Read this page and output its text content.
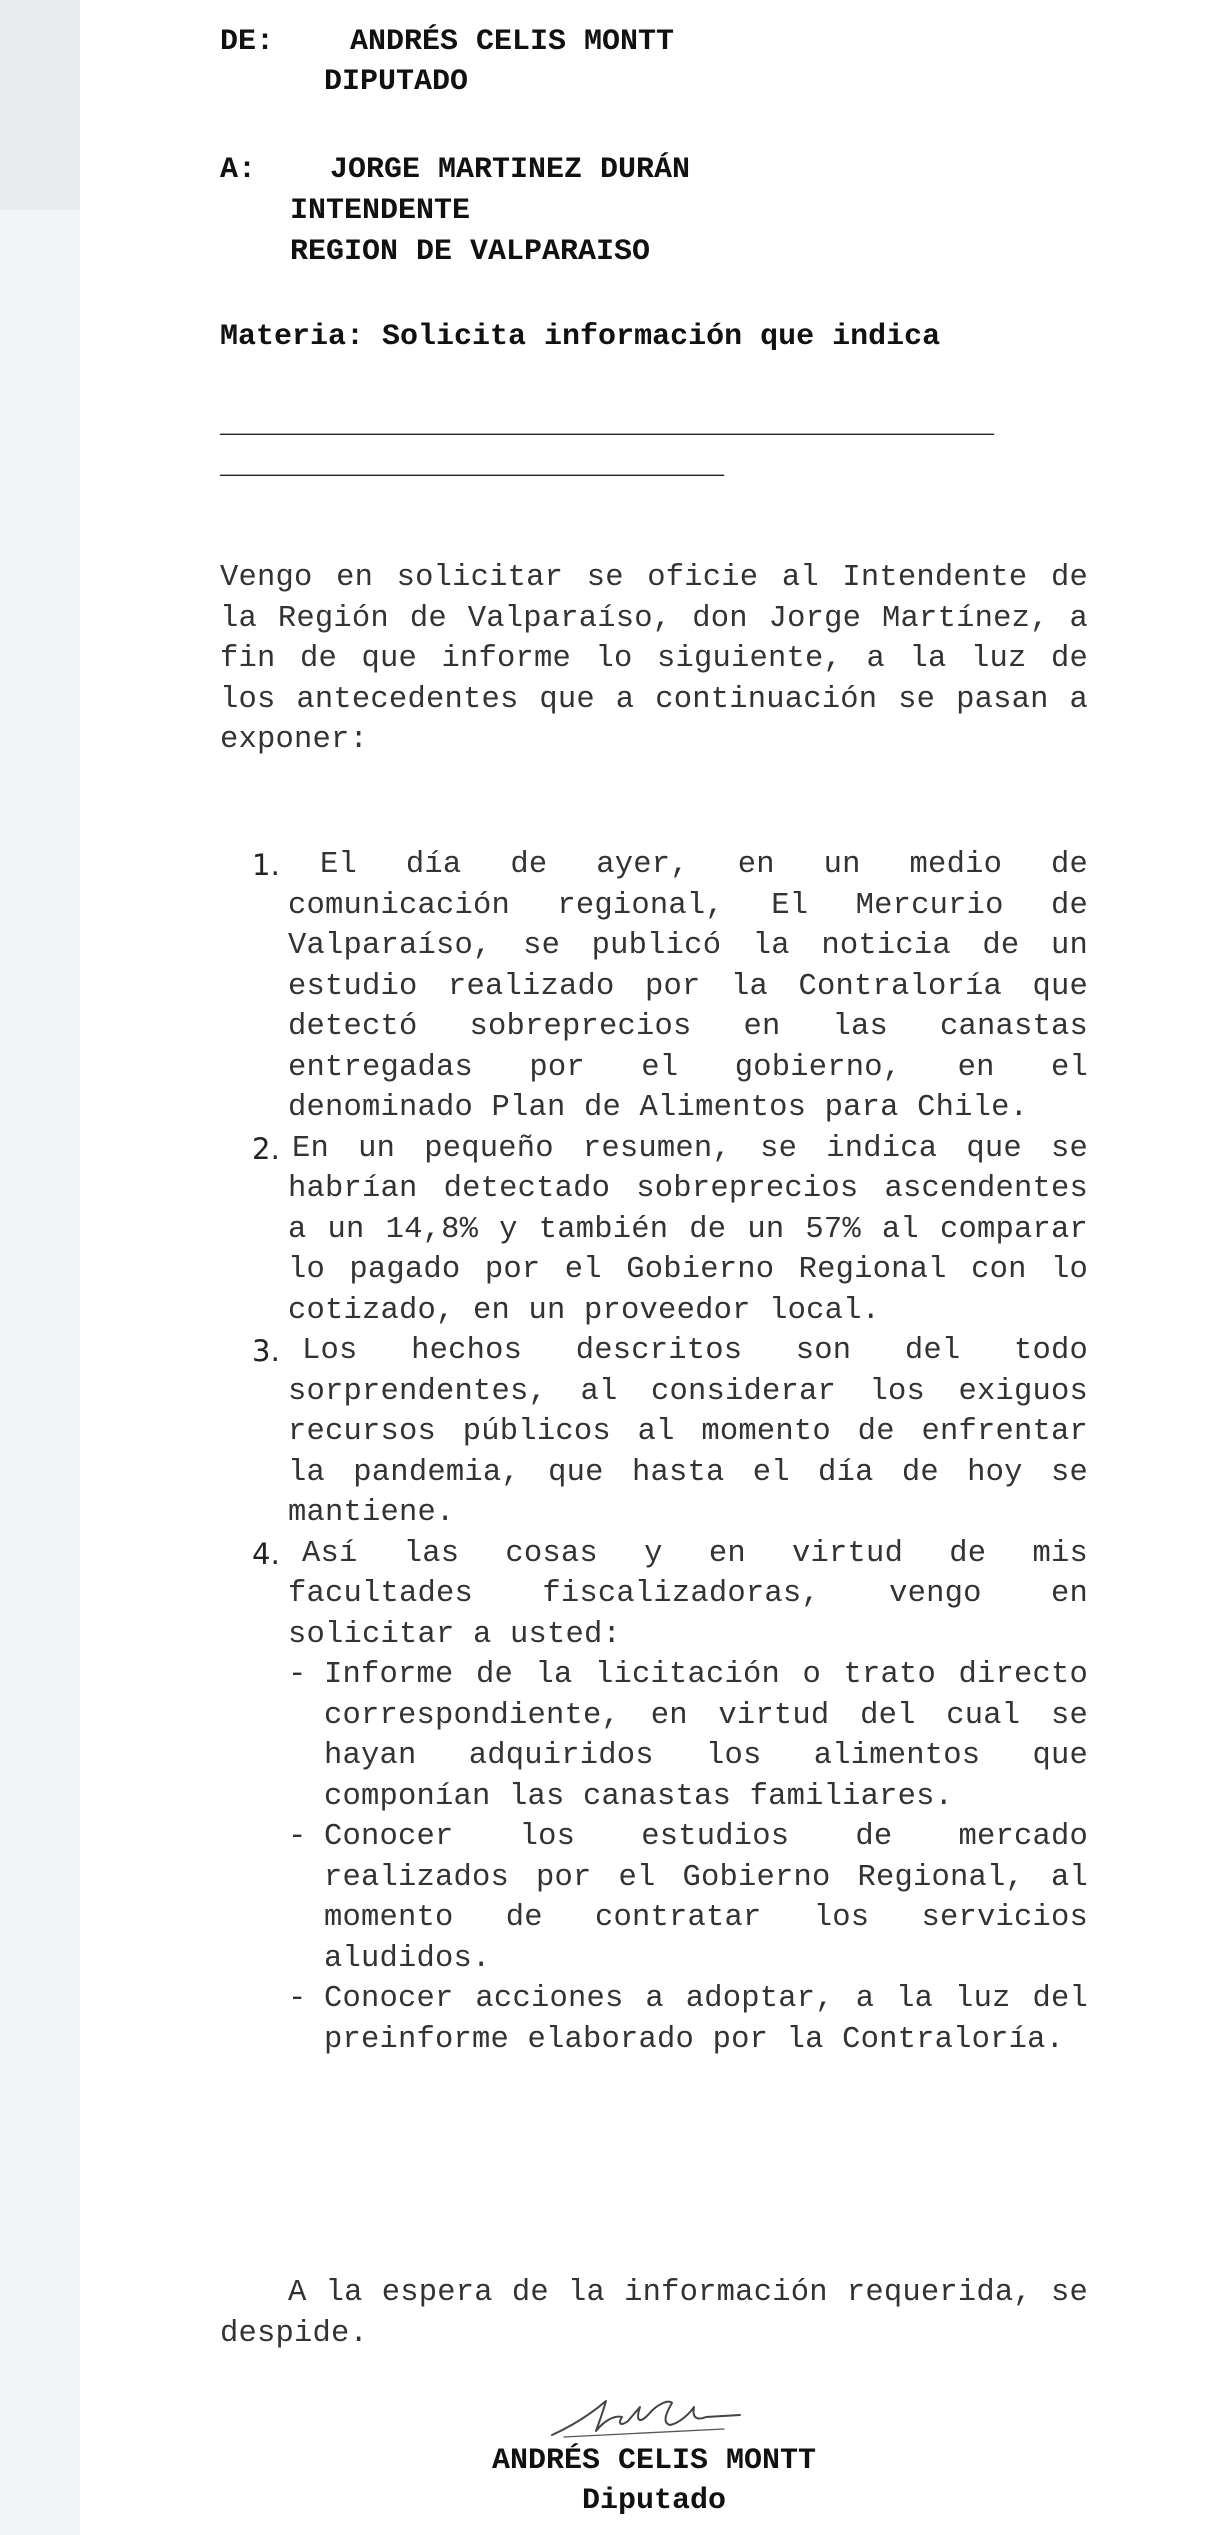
DE:	ANDRÉS CELIS MONTT
DIPUTADO
A: JORGE MARTINEZ DURÁN
INTENDENTE
REGION DE VALPARAISO
Materia: Solicita información que indica
___________________________________________
____________________________

Vengo en solicitar se oficie al Intendente de la Región de Valparaíso, don Jorge Martínez, a fin de que informe lo siguiente, a la luz de los antecedentes que a continuación se pasan a exponer:

1.	El día de ayer, en un medio de comunicación regional, El Mercurio de Valparaíso, se publicó la noticia de un estudio realizado por la Contraloría que detectó sobreprecios en las canastas entregadas por el gobierno, en el denominado Plan de Alimentos para Chile.
2. En un pequeño resumen, se indica que se habrían detectado sobreprecios ascendentes a un 14,8% y también de un 57% al comparar lo pagado por el Gobierno Regional con lo cotizado, en un proveedor local.
3. Los hechos descritos son del todo sorprendentes, al considerar los exiguos recursos públicos al momento de enfrentar la pandemia, que hasta el día de hoy se mantiene.
4. Así las cosas y en virtud de mis facultades fiscalizadoras, vengo en solicitar a usted:
- Informe de la licitación o trato directo correspondiente, en virtud del cual se hayan adquiridos los alimentos que componían las canastas familiares.
- Conocer los estudios de mercado realizados por el Gobierno Regional, al momento de contratar los servicios aludidos.
- Conocer acciones a adoptar, a la luz del preinforme elaborado por la Contraloría.

A la espera de la información requerida, se despide.

ANDRÉS CELIS MONTT
Diputado
